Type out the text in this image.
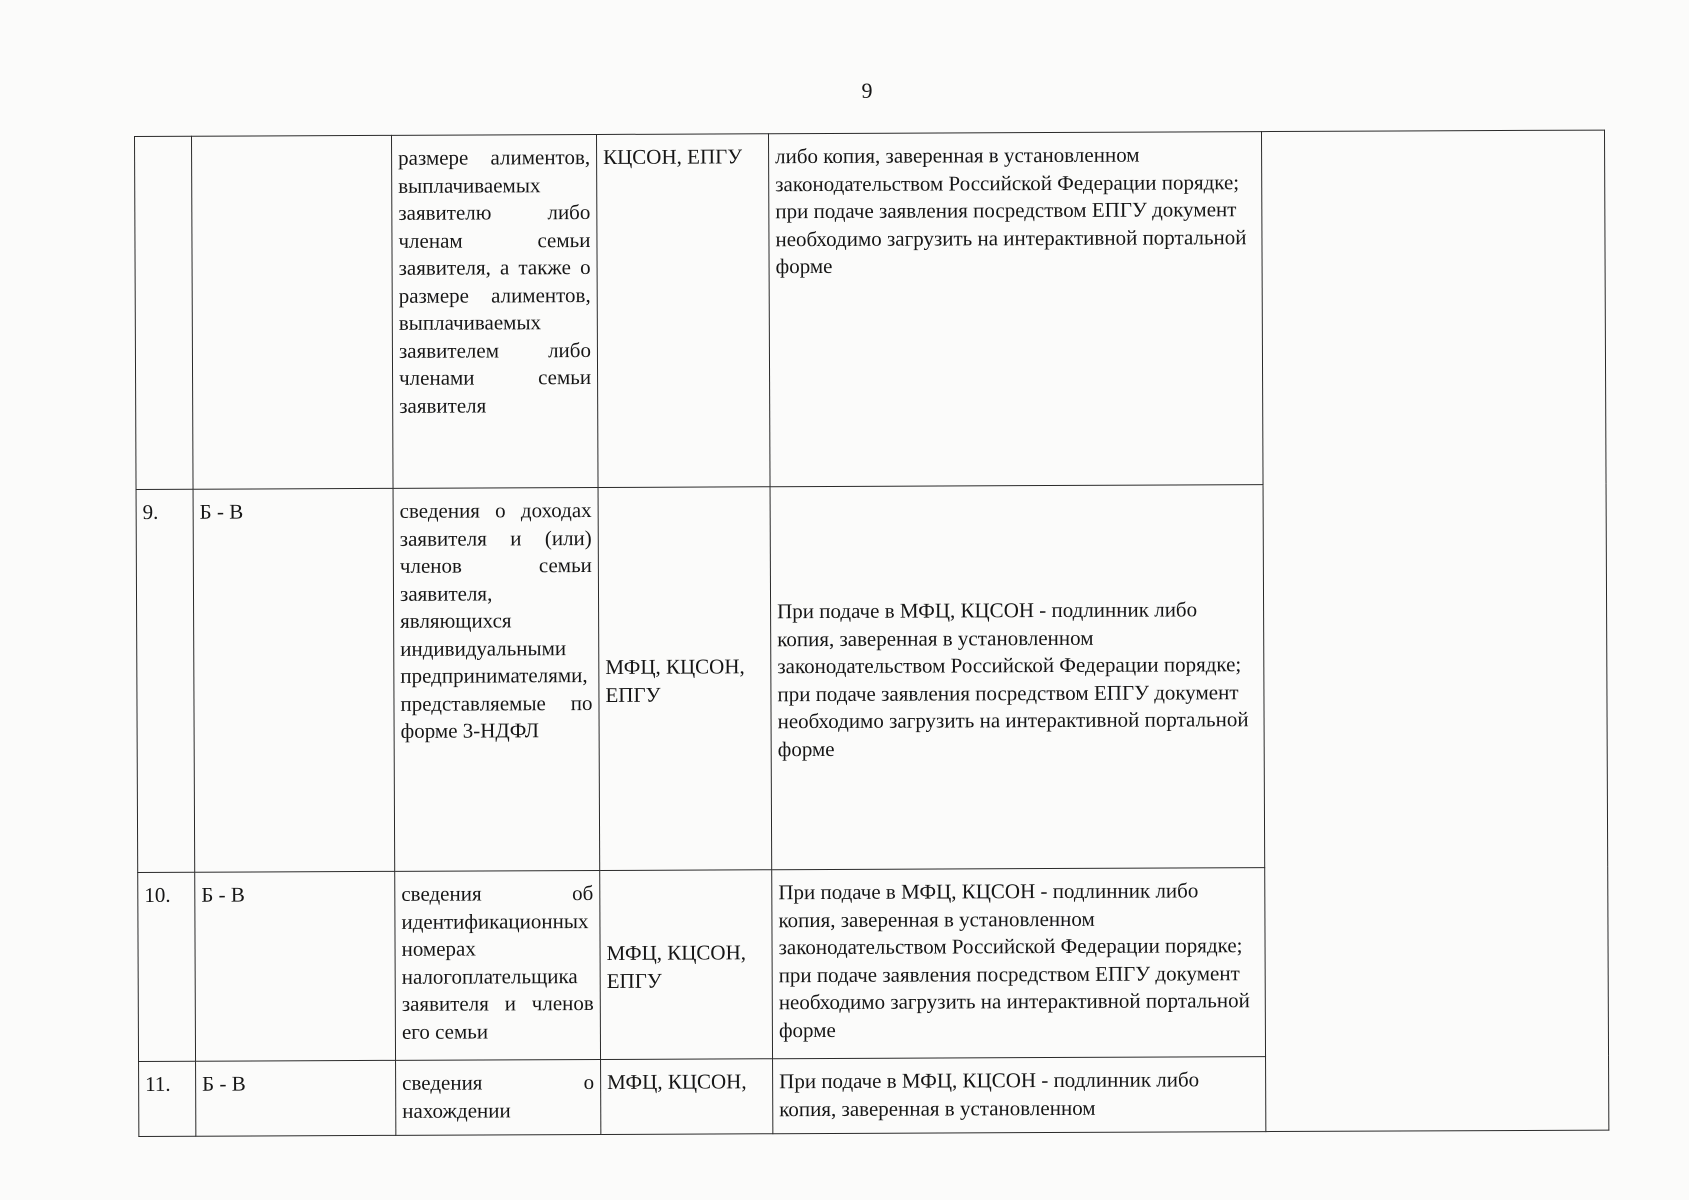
9
		размере алиментов, выплачиваемых заявителю либо членам семьи заявителя, а также о размере алиментов, выплачиваемых заявителем либо членами семьи заявителя	КЦСОН, ЕПГУ	либо копия, заверенная в установленном законодательством Российской Федерации порядке; при подаче заявления посредством ЕПГУ документ необходимо загрузить на интерактивной портальной форме	
9.	Б - В	сведения о доходах заявителя и (или) членов семьи заявителя, являющихся индивидуальными предпринимателями, представляемые по форме 3-НДФЛ	МФЦ, КЦСОН, ЕПГУ	При подаче в МФЦ, КЦСОН - подлинник либо копия, заверенная в установленном законодательством Российской Федерации порядке; при подаче заявления посредством ЕПГУ документ необходимо загрузить на интерактивной портальной форме	
10.	Б - В	сведения об идентификационных номерах налогоплательщика заявителя и членов его семьи	МФЦ, КЦСОН, ЕПГУ	При подаче в МФЦ, КЦСОН - подлинник либо копия, заверенная в установленном законодательством Российской Федерации порядке; при подаче заявления посредством ЕПГУ документ необходимо загрузить на интерактивной портальной форме	
11.	Б - В	сведения о нахождении	МФЦ, КЦСОН,	При подаче в МФЦ, КЦСОН - подлинник либо копия, заверенная в установленном	
